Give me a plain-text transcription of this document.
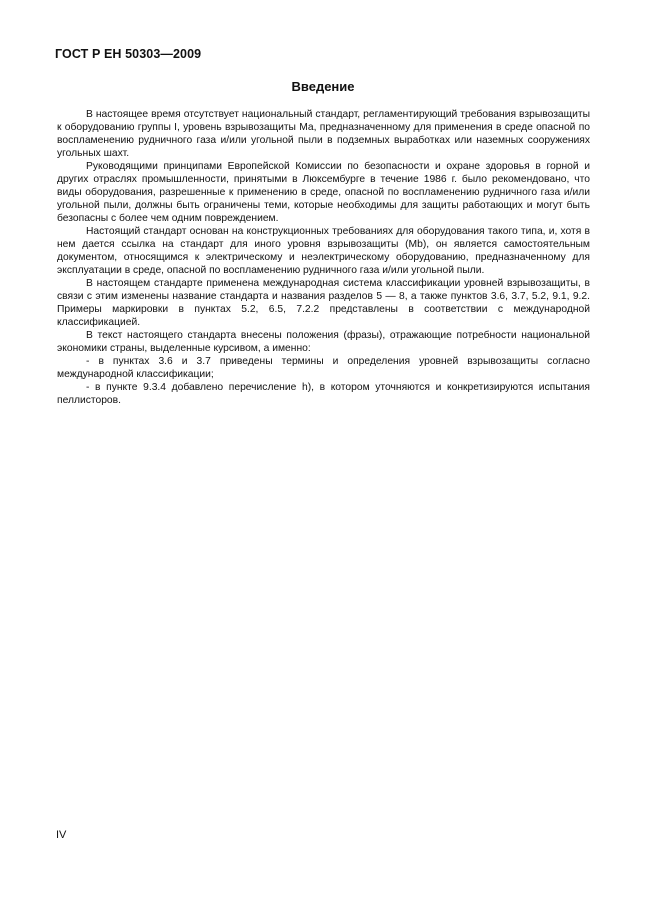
ГОСТ Р ЕН 50303—2009
Введение

В настоящее время отсутствует национальный стандарт, регламентирующий требования взрывозащиты к оборудованию группы I, уровень взрывозащиты Ма, предназначенному для применения в среде опасной по воспламенению рудничного газа и/или угольной пыли в подземных выработках или наземных сооружениях угольных шахт.

Руководящими принципами Европейской Комиссии по безопасности и охране здоровья в горной и других отраслях промышленности, принятыми в Люксембурге в течение 1986 г. было рекомендовано, что виды оборудования, разрешенные к применению в среде, опасной по воспламенению рудничного газа и/или угольной пыли, должны быть ограничены теми, которые необходимы для защиты работающих и могут быть безопасны с более чем одним повреждением.

Настоящий стандарт основан на конструкционных требованиях для оборудования такого типа, и, хотя в нем дается ссылка на стандарт для иного уровня взрывозащиты (Mb), он является самостоятельным документом, относящимся к электрическому и неэлектрическому оборудованию, предназначенному для эксплуатации в среде, опасной по воспламенению рудничного газа и/или угольной пыли.

В настоящем стандарте применена международная система классификации уровней взрывозащиты, в связи с этим изменены название стандарта и названия разделов 5 — 8, а также пунктов 3.6, 3.7, 5.2, 9.1, 9.2. Примеры маркировки в пунктах 5.2, 6.5, 7.2.2 представлены в соответствии с международной классификацией.

В текст настоящего стандарта внесены положения (фразы), отражающие потребности национальной экономики страны, выделенные курсивом, а именно:

- в пунктах 3.6 и 3.7 приведены термины и определения уровней взрывозащиты согласно международной классификации;

- в пункте 9.3.4 добавлено перечисление h), в котором уточняются и конкретизируются испытания пеллисторов.

IV
